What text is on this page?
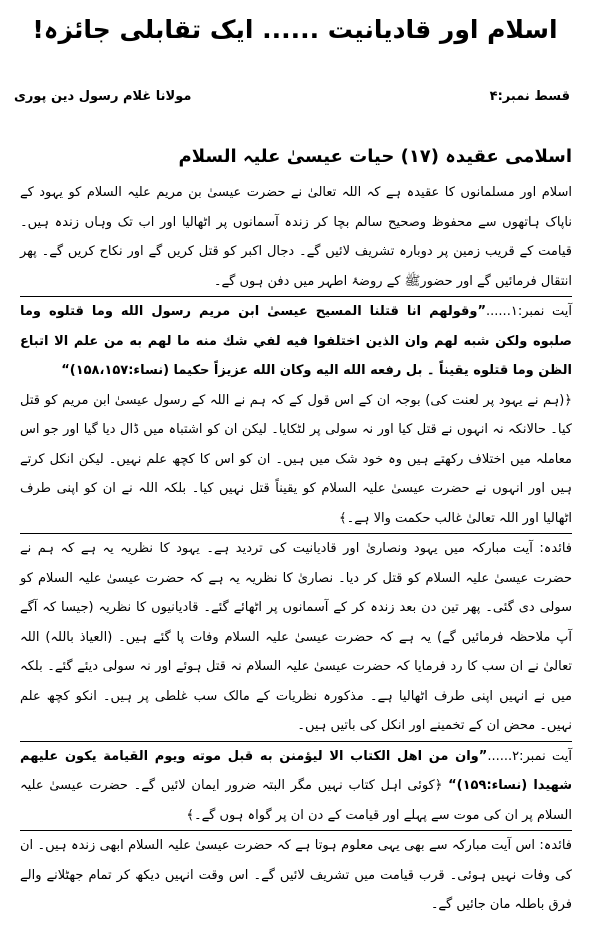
اسلام اور قادیانیت ...... ایک تقابلی جائزہ!
قسط نمبر:۴
مولانا غلام رسول دین پوری
اسلامی عقیدہ (۱۷) حیات عیسیٰ علیہ السلام

اسلام اور مسلمانوں کا عقیدہ ہے کہ اللہ تعالیٰ نے حضرت عیسیٰ بن مریم علیہ السلام کو یہود کے ناپاک ہاتھوں سے محفوظ وصحیح سالم بچا کر زندہ آسمانوں پر اٹھالیا اور اب تک وہاں زندہ ہیں۔ قیامت کے قریب زمین پر دوبارہ تشریف لائیں گے۔ دجال اکبر کو قتل کریں گے اور نکاح کریں گے۔ پھر انتقال فرمائیں گے اور حضورﷺ کے روضۂ اطہر میں دفن ہوں گے۔

آیت نمبر:۱......”وقولهم انا قتلنا المسيح عيسىٰ ابن مريم رسول الله وما قتلوه وما صلبوه ولكن شبه لهم وان الذين اختلفوا فيه لفي شك منه ما لهم به من علم الا اتباع الظن وما قتلوه يقيناً ۔ بل رفعه الله اليه وكان الله عزيزاً حكيما (نساء:۱۵۸،۱۵۷)“

﴿(ہم نے یہود پر لعنت کی) بوجہ ان کے اس قول کے کہ ہم نے اللہ کے رسول عیسیٰ ابن مریم کو قتل کیا۔ حالانکہ نہ انہوں نے قتل کیا اور نہ سولی پر لٹکایا۔ لیکن ان کو اشتباہ میں ڈال دیا گیا اور جو اس معاملہ میں اختلاف رکھتے ہیں وہ خود شک میں ہیں۔ ان کو اس کا کچھ علم نہیں۔ لیکن انکل کرتے ہیں اور انہوں نے حضرت عیسیٰ علیہ السلام کو یقیناً قتل نہیں کیا۔ بلکہ اللہ نے ان کو اپنی طرف اٹھالیا اور اللہ تعالیٰ غالب حکمت والا ہے۔﴾

فائدہ: آیت مبارکہ میں یہود ونصاریٰ اور قادیانیت کی تردید ہے۔ یہود کا نظریہ یہ ہے کہ ہم نے حضرت عیسیٰ علیہ السلام کو قتل کر دیا۔ نصاریٰ کا نظریہ یہ ہے کہ حضرت عیسیٰ علیہ السلام کو سولی دی گئی۔ پھر تین دن بعد زندہ کر کے آسمانوں پر اٹھائے گئے۔ قادیانیوں کا نظریہ (جیسا کہ آگے آپ ملاحظہ فرمائیں گے) یہ ہے کہ حضرت عیسیٰ علیہ السلام وفات پا گئے ہیں۔ (العیاذ باللہ) اللہ تعالیٰ نے ان سب کا رد فرمایا کہ حضرت عیسیٰ علیہ السلام نہ قتل ہوئے اور نہ سولی دیئے گئے۔ بلکہ میں نے انہیں اپنی طرف اٹھالیا ہے۔ مذکورہ نظریات کے مالک سب غلطی پر ہیں۔ انکو کچھ علم نہیں۔ محض ان کے تخمینے اور انکل کی باتیں ہیں۔

آیت نمبر:۲......”وان من اهل الكتاب الا ليؤمنن به قبل موته ويوم القيامة يكون عليهم شهيدا (نساء:۱۵۹)“ ﴿کوئی اہل کتاب نہیں مگر البتہ ضرور ایمان لائیں گے۔ حضرت عیسیٰ علیہ السلام پر ان کی موت سے پہلے اور قیامت کے دن ان پر گواہ ہوں گے۔﴾

فائدہ: اس آیت مبارکہ سے بھی یہی معلوم ہوتا ہے کہ حضرت عیسیٰ علیہ السلام ابھی زندہ ہیں۔ ان کی وفات نہیں ہوئی۔ قرب قیامت میں تشریف لائیں گے۔ اس وقت انہیں دیکھ کر تمام جھٹلانے والے فرق باطلہ مان جائیں گے۔
